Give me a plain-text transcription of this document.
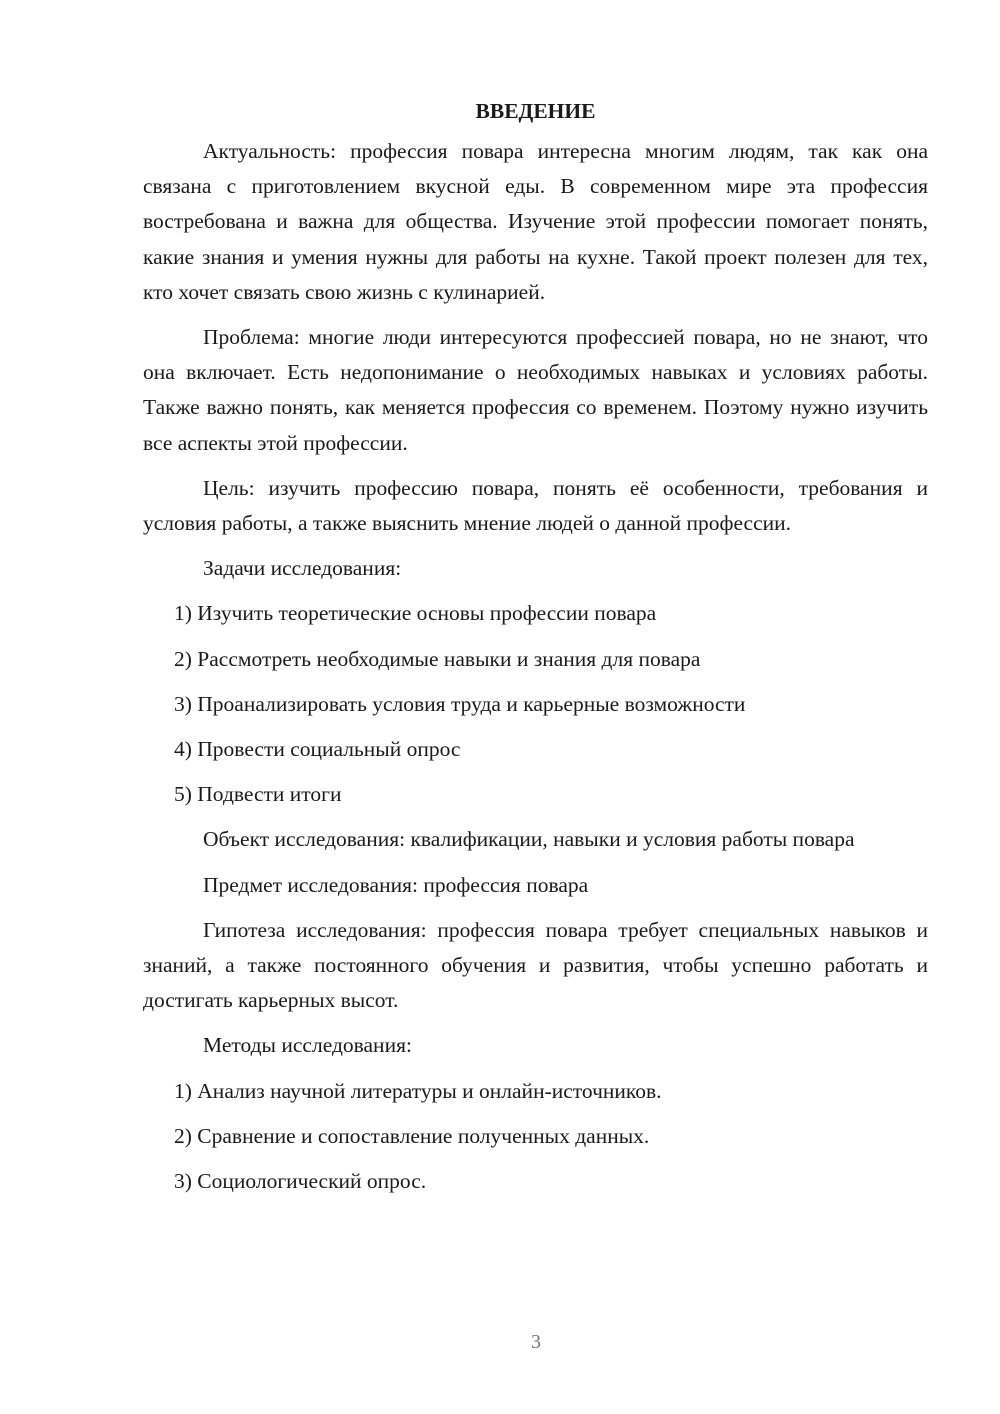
ВВЕДЕНИЕ

Актуальность: профессия повара интересна многим людям, так как она связана с приготовлением вкусной еды. В современном мире эта профессия востребована и важна для общества. Изучение этой профессии помогает понять, какие знания и умения нужны для работы на кухне. Такой проект полезен для тех, кто хочет связать свою жизнь с кулинарией.

Проблема: многие люди интересуются профессией повара, но не знают, что она включает. Есть недопонимание о необходимых навыках и условиях работы. Также важно понять, как меняется профессия со временем. Поэтому нужно изучить все аспекты этой профессии.

Цель: изучить профессию повара, понять её особенности, требования и условия работы, а также выяснить мнение людей о данной профессии.

Задачи исследования:

1) Изучить теоретические основы профессии повара

2) Рассмотреть необходимые навыки и знания для повара

3) Проанализировать условия труда и карьерные возможности

4) Провести социальный опрос

5) Подвести итоги

Объект исследования: квалификации, навыки и условия работы повара

Предмет исследования: профессия повара

Гипотеза исследования: профессия повара требует специальных навыков и знаний, а также постоянного обучения и развития, чтобы успешно работать и достигать карьерных высот.

Методы исследования:

1) Анализ научной литературы и онлайн-источников.

2) Сравнение и сопоставление полученных данных.

3) Социологический опрос.

3
